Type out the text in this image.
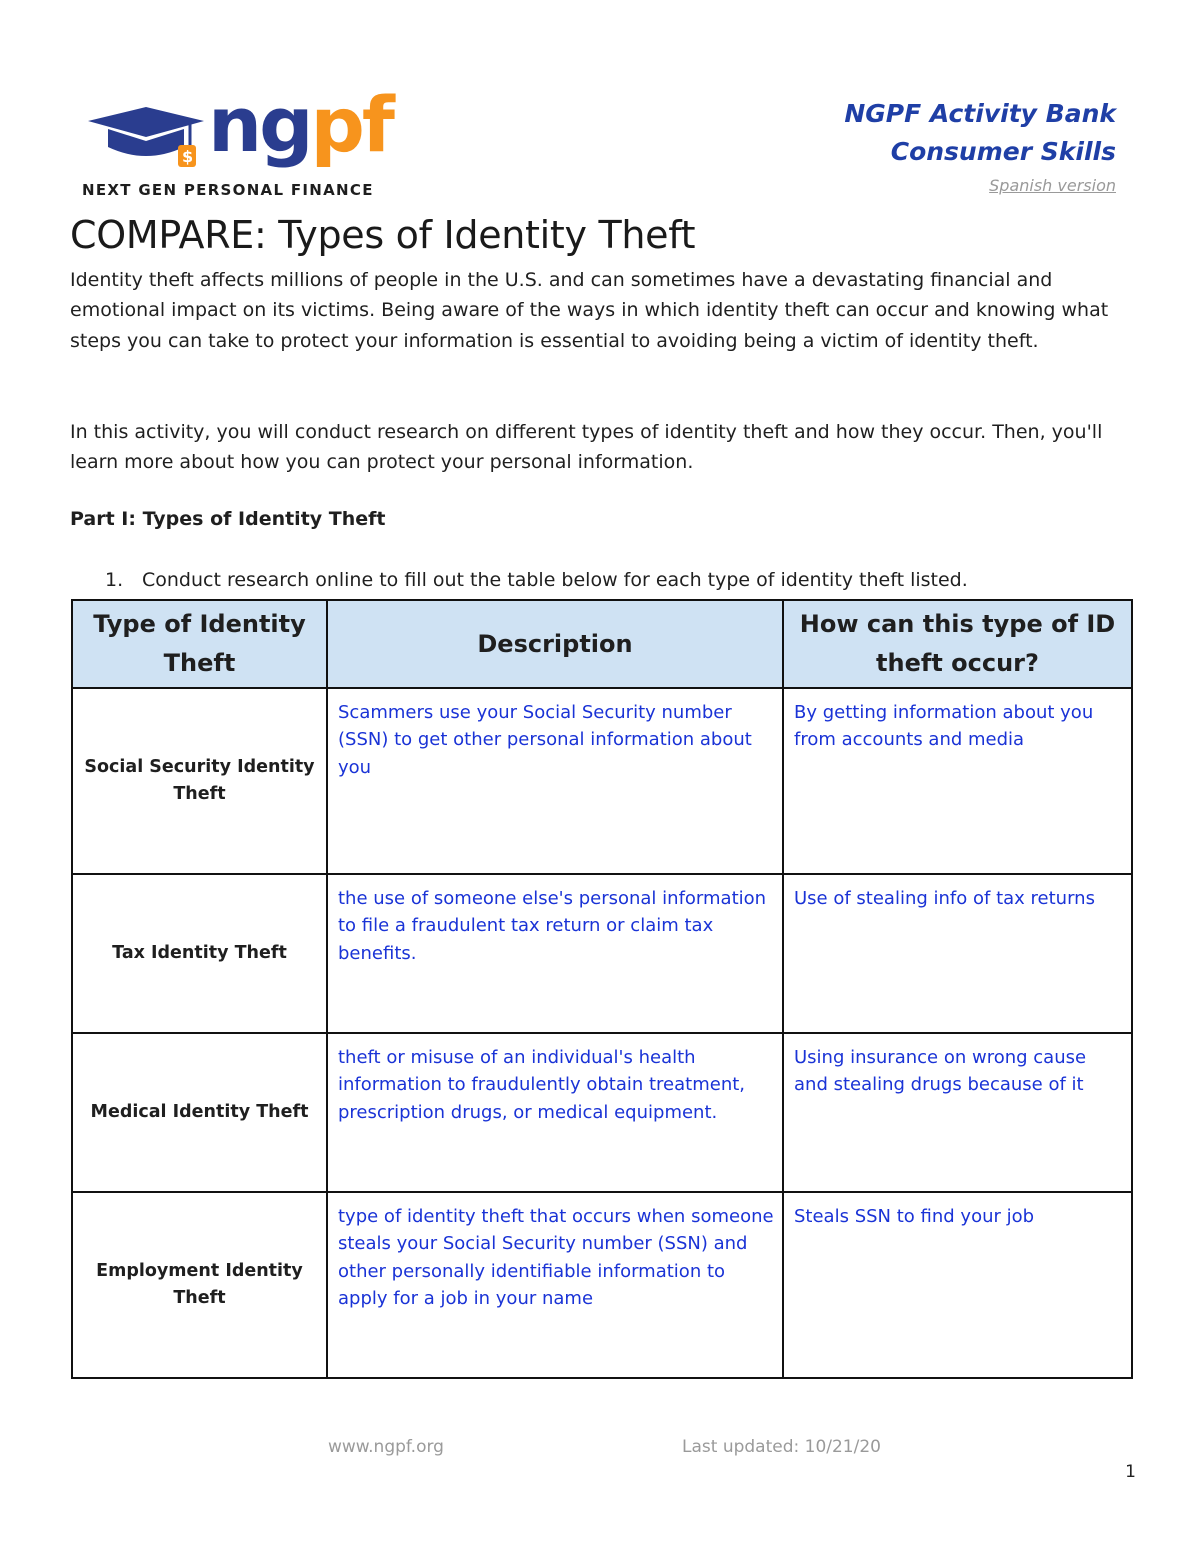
$ ngpf
NEXT GEN PERSONAL FINANCE
NGPF Activity Bank
Consumer Skills
Spanish version
COMPARE: Types of Identity Theft

Identity theft affects millions of people in the U.S. and can sometimes have a devastating financial and emotional impact on its victims. Being aware of the ways in which identity theft can occur and knowing what steps you can take to protect your information is essential to avoiding being a victim of identity theft.

In this activity, you will conduct research on different types of identity theft and how they occur. Then, you'll learn more about how you can protect your personal information.

Part I: Types of Identity Theft
1. Conduct research online to fill out the table below for each type of identity theft listed.
Type of Identity Theft	Description	How can this type of ID theft occur?
Social Security Identity Theft	Scammers use your Social Security number (SSN) to get other personal information about you	By getting information about you from accounts and media
Tax Identity Theft	the use of someone else's personal information to file a fraudulent tax return or claim tax benefits.	Use of stealing info of tax returns
Medical Identity Theft	theft or misuse of an individual's health information to fraudulently obtain treatment, prescription drugs, or medical equipment.	Using insurance on wrong cause and stealing drugs because of it
Employment Identity Theft	type of identity theft that occurs when someone steals your Social Security number (SSN) and other personally identifiable information to apply for a job in your name	Steals SSN to find your job
www.ngpf.org	Last updated: 10/21/20
1
